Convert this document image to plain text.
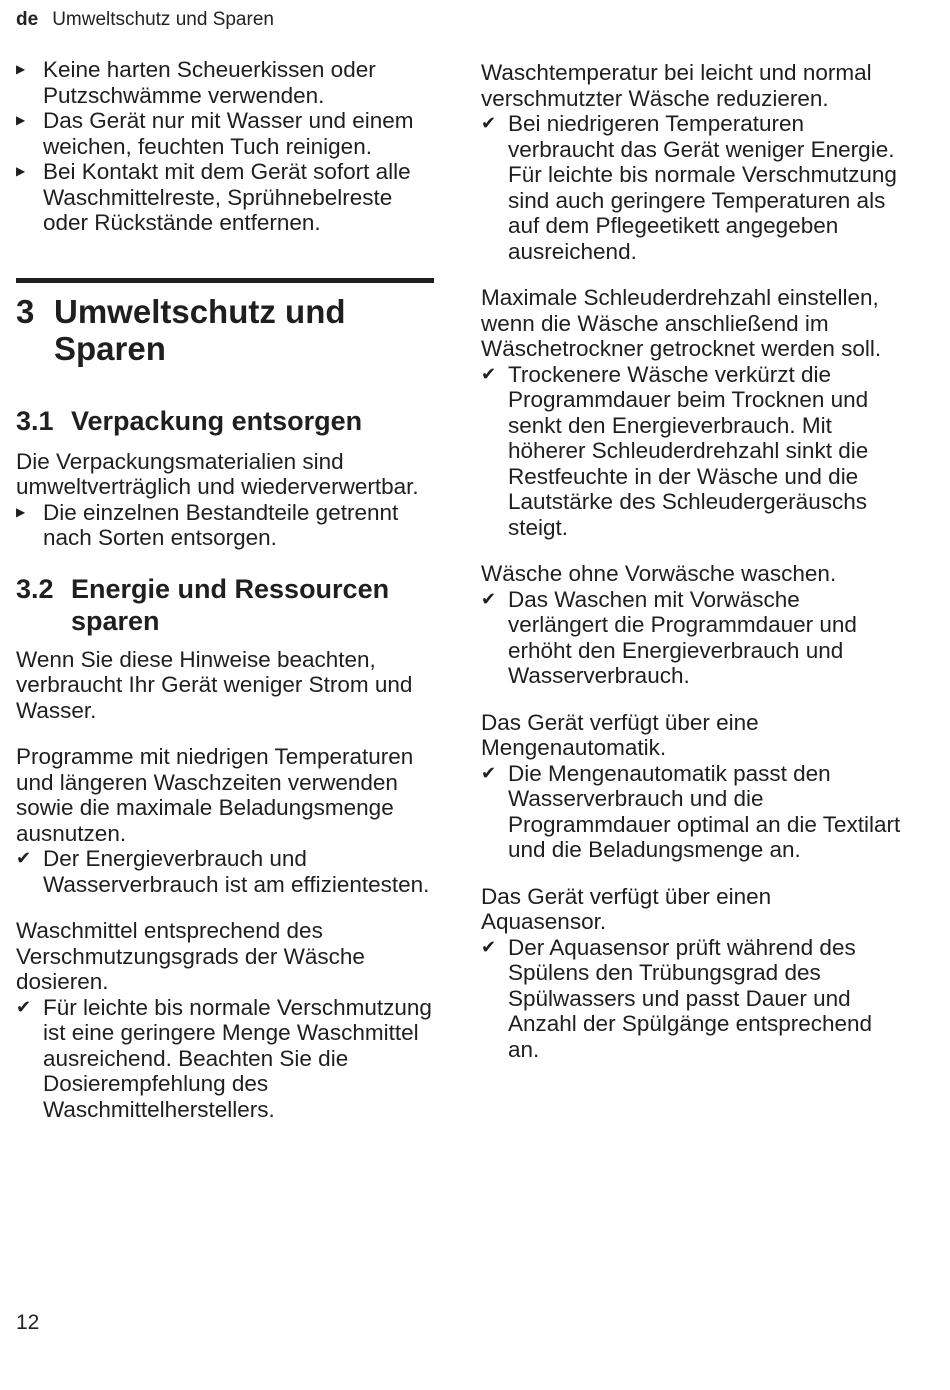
de Umweltschutz und Sparen
▶ Keine harten Scheuerkissen oder Putzschwämme verwenden.
▶ Das Gerät nur mit Wasser und einem weichen, feuchten Tuch reinigen.
▶ Bei Kontakt mit dem Gerät sofort alle Waschmittelreste, Sprühnebelreste oder Rückstände entfernen.
3 Umweltschutz und Sparen
3.1 Verpackung entsorgen

Die Verpackungsmaterialien sind umweltverträglich und wiederverwertbar.

▶ Die einzelnen Bestandteile getrennt nach Sorten entsorgen.
3.2 Energie und Ressourcen sparen

Wenn Sie diese Hinweise beachten, verbraucht Ihr Gerät weniger Strom und Wasser.

Programme mit niedrigen Temperaturen und längeren Waschzeiten verwenden sowie die maximale Beladungsmenge ausnutzen.

✔ Der Energieverbrauch und Wasserverbrauch ist am effizientesten.

Waschmittel entsprechend des Verschmutzungsgrads der Wäsche dosieren.

✔ Für leichte bis normale Verschmutzung ist eine geringere Menge Waschmittel ausreichend. Beachten Sie die Dosierempfehlung des Waschmittelherstellers.

Waschtemperatur bei leicht und normal verschmutzter Wäsche reduzieren.

✔ Bei niedrigeren Temperaturen verbraucht das Gerät weniger Energie. Für leichte bis normale Verschmutzung sind auch geringere Temperaturen als auf dem Pflegeetikett angegeben ausreichend.

Maximale Schleuderdrehzahl einstellen, wenn die Wäsche anschließend im Wäschetrockner getrocknet werden soll.

✔ Trockenere Wäsche verkürzt die Programmdauer beim Trocknen und senkt den Energieverbrauch. Mit höherer Schleuderdrehzahl sinkt die Restfeuchte in der Wäsche und die Lautstärke des Schleudergeräuschs steigt.

Wäsche ohne Vorwäsche waschen.

✔ Das Waschen mit Vorwäsche verlängert die Programmdauer und erhöht den Energieverbrauch und Wasserverbrauch.

Das Gerät verfügt über eine Mengenautomatik.

✔ Die Mengenautomatik passt den Wasserverbrauch und die Programmdauer optimal an die Textilart und die Beladungsmenge an.

Das Gerät verfügt über einen Aquasensor.

✔ Der Aquasensor prüft während des Spülens den Trübungsgrad des Spülwassers und passt Dauer und Anzahl der Spülgänge entsprechend an.
12
